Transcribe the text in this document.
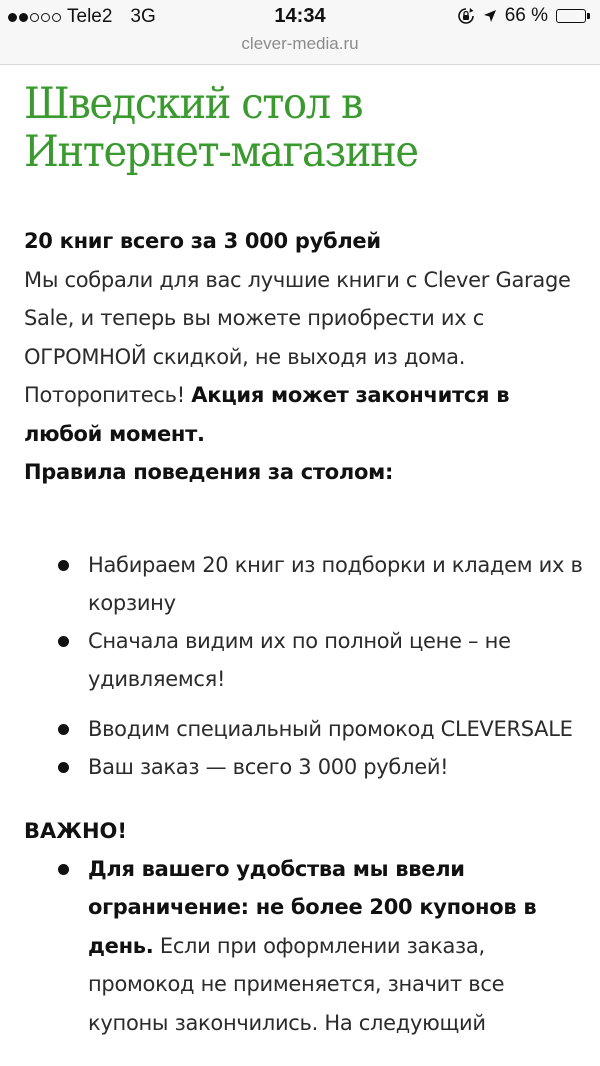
Tele2 3G	14:34	66 %
clever-media.ru
Шведский стол в
Интернет-магазине

20 книг всего за 3 000 рублей
Мы собрали для вас лучшие книги с Clever Garage Sale, и теперь вы можете приобрести их с ОГРОМНОЙ скидкой, не выходя из дома. Поторопитесь! Акция может закончится в любой момент.
Правила поведения за столом:

Набираем 20 книг из подборки и кладем их в корзину
Сначала видим их по полной цене – не удивляемся!
Вводим специальный промокод CLEVERSALE
Ваш заказ — всего 3 000 рублей!
ВАЖНО!
Для вашего удобства мы ввели ограничение: не более 200 купонов в день. Если при оформлении заказа, промокод не применяется, значит все купоны закончились. На следующий
